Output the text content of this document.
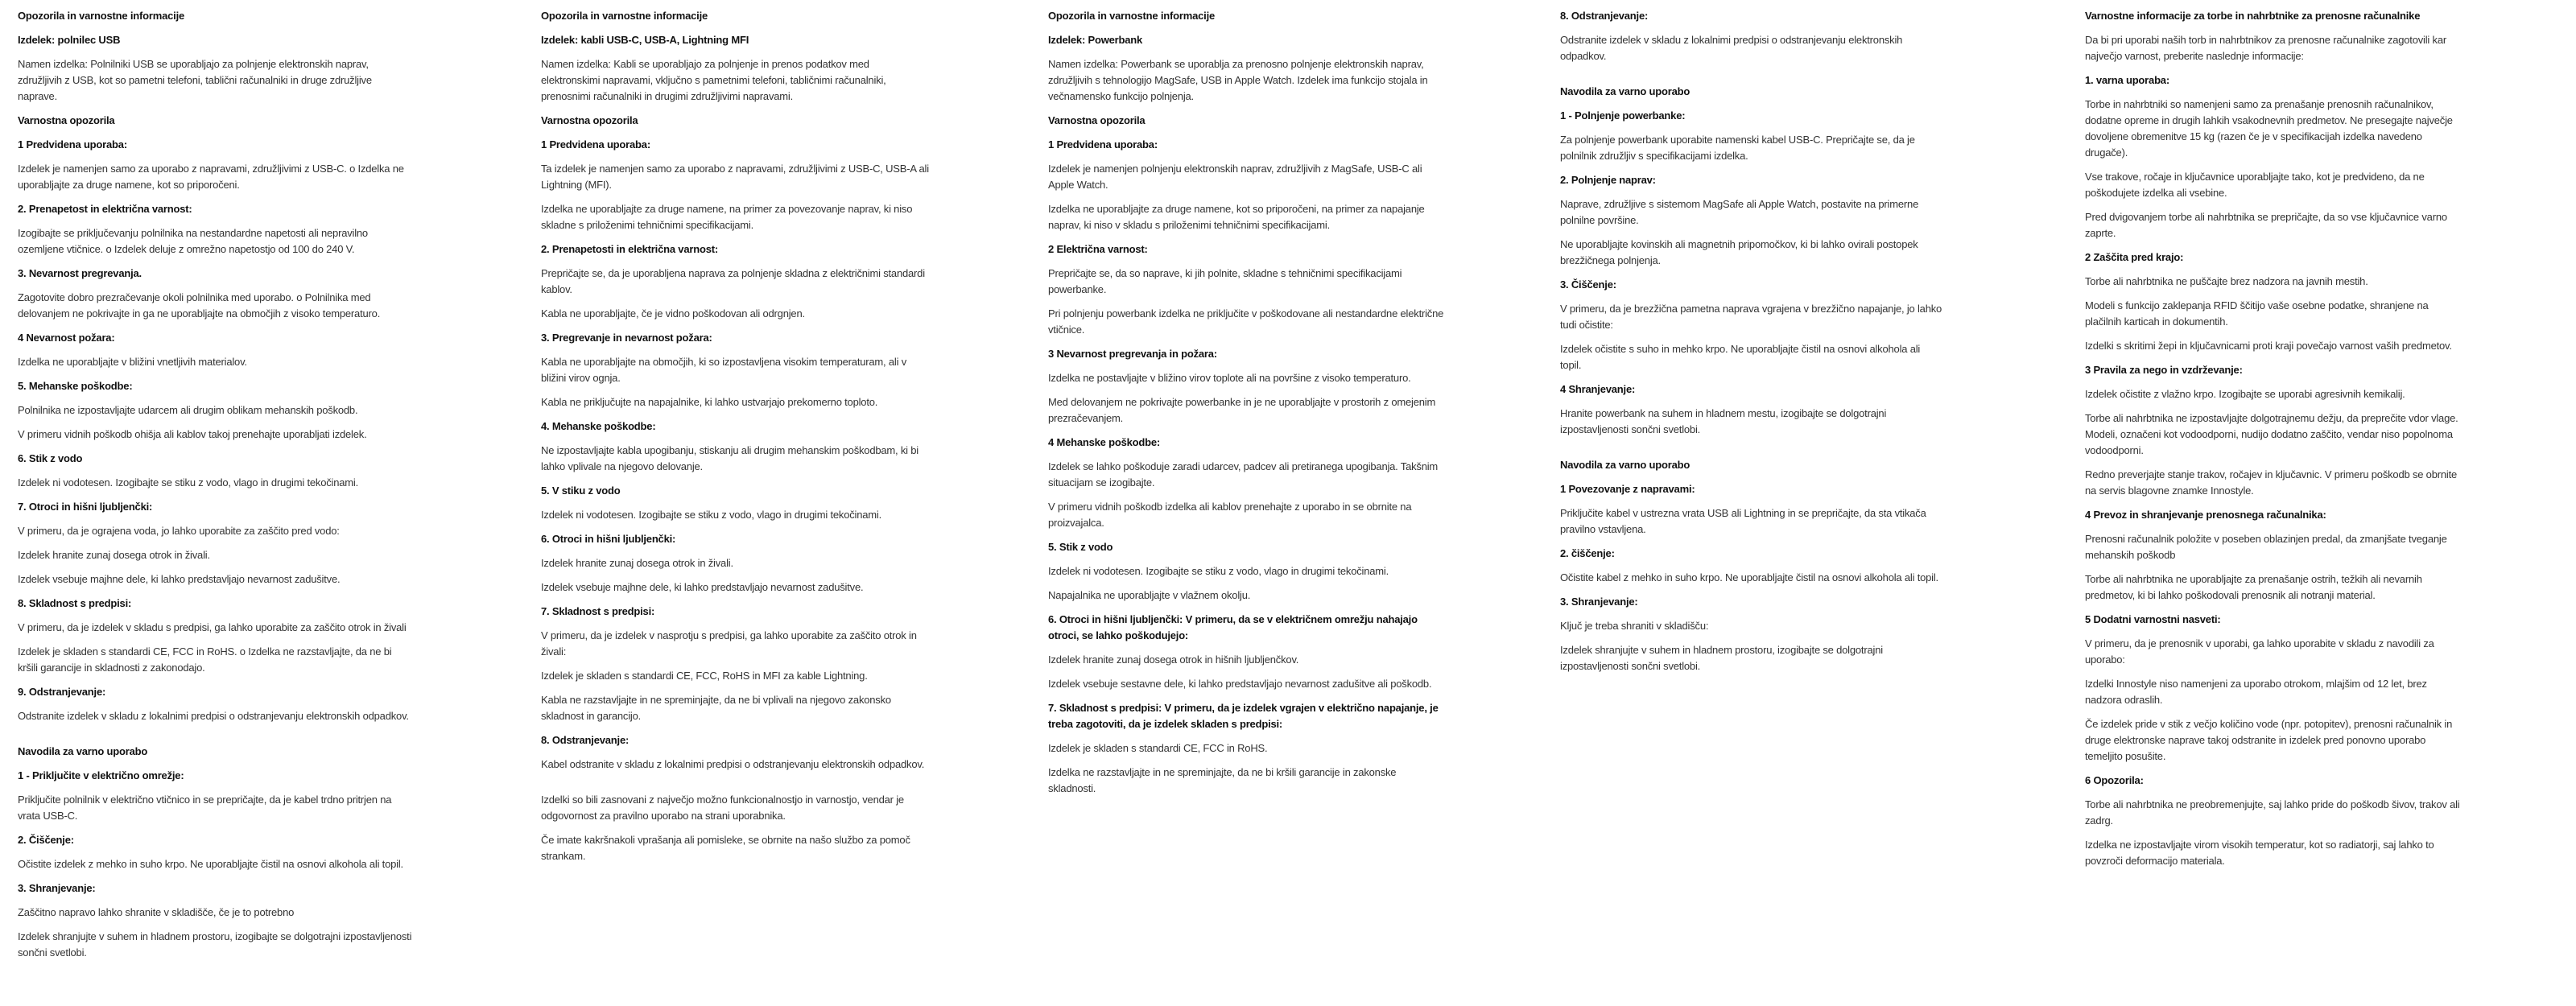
Opozorila in varnostne informacije
Izdelek: polnilec USB

Namen izdelka: Polnilniki USB se uporabljajo za polnjenje elektronskih naprav, združljivih z USB, kot so pametni telefoni, tablični računalniki in druge združljive naprave.

Varnostna opozorila
1 Predvidena uporaba:

Izdelek je namenjen samo za uporabo z napravami, združljivimi z USB-C. o Izdelka ne uporabljajte za druge namene, kot so priporočeni.

2. Prenapetost in električna varnost:

Izogibajte se priključevanju polnilnika na nestandardne napetosti ali nepravilno ozemljene vtičnice. o Izdelek deluje z omrežno napetostjo od 100 do 240 V.

3. Nevarnost pregrevanja.

Zagotovite dobro prezračevanje okoli polnilnika med uporabo. o Polnilnika med delovanjem ne pokrivajte in ga ne uporabljajte na območjih z visoko temperaturo.

4 Nevarnost požara:

Izdelka ne uporabljajte v bližini vnetljivih materialov.

5. Mehanske poškodbe:

Polnilnika ne izpostavljajte udarcem ali drugim oblikam mehanskih poškodb.

V primeru vidnih poškodb ohišja ali kablov takoj prenehajte uporabljati izdelek.

6. Stik z vodo

Izdelek ni vodotesen. Izogibajte se stiku z vodo, vlago in drugimi tekočinami.

7. Otroci in hišni ljubljenčki:

V primeru, da je ograjena voda, jo lahko uporabite za zaščito pred vodo:

Izdelek hranite zunaj dosega otrok in živali.

Izdelek vsebuje majhne dele, ki lahko predstavljajo nevarnost zadušitve.

8. Skladnost s predpisi:

V primeru, da je izdelek v skladu s predpisi, ga lahko uporabite za zaščito otrok in živali

Izdelek je skladen s standardi CE, FCC in RoHS. o Izdelka ne razstavljajte, da ne bi kršili garancije in skladnosti z zakonodajo.

9. Odstranjevanje:

Odstranite izdelek v skladu z lokalnimi predpisi o odstranjevanju elektronskih odpadkov.

Navodila za varno uporabo
1 - Priključite v električno omrežje:

Priključite polnilnik v električno vtičnico in se prepričajte, da je kabel trdno pritrjen na vrata USB-C.

2. Čiščenje:

Očistite izdelek z mehko in suho krpo. Ne uporabljajte čistil na osnovi alkohola ali topil.

3. Shranjevanje:

Zaščitno napravo lahko shranite v skladišče, če je to potrebno

Izdelek shranjujte v suhem in hladnem prostoru, izogibajte se dolgotrajni izpostavljenosti sončni svetlobi.

Opozorila in varnostne informacije
Izdelek: kabli USB-C, USB-A, Lightning MFI

Namen izdelka: Kabli se uporabljajo za polnjenje in prenos podatkov med elektronskimi napravami, vključno s pametnimi telefoni, tabličnimi računalniki, prenosnimi računalniki in drugimi združljivimi napravami.

Varnostna opozorila
1 Predvidena uporaba:

Ta izdelek je namenjen samo za uporabo z napravami, združljivimi z USB-C, USB-A ali Lightning (MFI).

Izdelka ne uporabljajte za druge namene, na primer za povezovanje naprav, ki niso skladne s priloženimi tehničnimi specifikacijami.

2. Prenapetosti in električna varnost:

Prepričajte se, da je uporabljena naprava za polnjenje skladna z električnimi standardi kablov.

Kabla ne uporabljajte, če je vidno poškodovan ali odrgnjen.

3. Pregrevanje in nevarnost požara:

Kabla ne uporabljajte na območjih, ki so izpostavljena visokim temperaturam, ali v bližini virov ognja.

Kabla ne priključujte na napajalnike, ki lahko ustvarjajo prekomerno toploto.

4. Mehanske poškodbe:

Ne izpostavljajte kabla upogibanju, stiskanju ali drugim mehanskim poškodbam, ki bi lahko vplivale na njegovo delovanje.

5. V stiku z vodo

Izdelek ni vodotesen. Izogibajte se stiku z vodo, vlago in drugimi tekočinami.

6. Otroci in hišni ljubljenčki:

Izdelek hranite zunaj dosega otrok in živali.

Izdelek vsebuje majhne dele, ki lahko predstavljajo nevarnost zadušitve.

7. Skladnost s predpisi:

V primeru, da je izdelek v nasprotju s predpisi, ga lahko uporabite za zaščito otrok in živali:

Izdelek je skladen s standardi CE, FCC, RoHS in MFI za kable Lightning.

Kabla ne razstavljajte in ne spreminjajte, da ne bi vplivali na njegovo zakonsko skladnost in garancijo.

8. Odstranjevanje:

Kabel odstranite v skladu z lokalnimi predpisi o odstranjevanju elektronskih odpadkov.

Izdelki so bili zasnovani z največjo možno funkcionalnostjo in varnostjo, vendar je odgovornost za pravilno uporabo na strani uporabnika.

Če imate kakršnakoli vprašanja ali pomisleke, se obrnite na našo službo za pomoč strankam.

Opozorila in varnostne informacije
Izdelek: Powerbank

Namen izdelka: Powerbank se uporablja za prenosno polnjenje elektronskih naprav, združljivih s tehnologijo MagSafe, USB in Apple Watch. Izdelek ima funkcijo stojala in večnamensko funkcijo polnjenja.

Varnostna opozorila
1 Predvidena uporaba:

Izdelek je namenjen polnjenju elektronskih naprav, združljivih z MagSafe, USB-C ali Apple Watch.

Izdelka ne uporabljajte za druge namene, kot so priporočeni, na primer za napajanje naprav, ki niso v skladu s priloženimi tehničnimi specifikacijami.

2 Električna varnost:

Prepričajte se, da so naprave, ki jih polnite, skladne s tehničnimi specifikacijami powerbanke.

Pri polnjenju powerbank izdelka ne priključite v poškodovane ali nestandardne električne vtičnice.

3 Nevarnost pregrevanja in požara:

Izdelka ne postavljajte v bližino virov toplote ali na površine z visoko temperaturo.

Med delovanjem ne pokrivajte powerbanke in je ne uporabljajte v prostorih z omejenim prezračevanjem.

4 Mehanske poškodbe:

Izdelek se lahko poškoduje zaradi udarcev, padcev ali pretiranega upogibanja. Takšnim situacijam se izogibajte.

V primeru vidnih poškodb izdelka ali kablov prenehajte z uporabo in se obrnite na proizvajalca.

5. Stik z vodo

Izdelek ni vodotesen. Izogibajte se stiku z vodo, vlago in drugimi tekočinami.

Napajalnika ne uporabljajte v vlažnem okolju.

6. Otroci in hišni ljubljenčki: V primeru, da se v električnem omrežju nahajajo otroci, se lahko poškodujejo:

Izdelek hranite zunaj dosega otrok in hišnih ljubljenčkov.

Izdelek vsebuje sestavne dele, ki lahko predstavljajo nevarnost zadušitve ali poškodb.

7. Skladnost s predpisi: V primeru, da je izdelek vgrajen v električno napajanje, je treba zagotoviti, da je izdelek skladen s predpisi:

Izdelek je skladen s standardi CE, FCC in RoHS.

Izdelka ne razstavljajte in ne spreminjajte, da ne bi kršili garancije in zakonske skladnosti.

8. Odstranjevanje:

Odstranite izdelek v skladu z lokalnimi predpisi o odstranjevanju elektronskih odpadkov.

Navodila za varno uporabo
1 - Polnjenje powerbanke:

Za polnjenje powerbank uporabite namenski kabel USB-C. Prepričajte se, da je polnilnik združljiv s specifikacijami izdelka.

2. Polnjenje naprav:

Naprave, združljive s sistemom MagSafe ali Apple Watch, postavite na primerne polnilne površine.

Ne uporabljajte kovinskih ali magnetnih pripomočkov, ki bi lahko ovirali postopek brezžičnega polnjenja.

3. Čiščenje:

V primeru, da je brezžična pametna naprava vgrajena v brezžično napajanje, jo lahko tudi očistite:

Izdelek očistite s suho in mehko krpo. Ne uporabljajte čistil na osnovi alkohola ali topil.

4 Shranjevanje:

Hranite powerbank na suhem in hladnem mestu, izogibajte se dolgotrajni izpostavljenosti sončni svetlobi.

Navodila za varno uporabo
1 Povezovanje z napravami:

Priključite kabel v ustrezna vrata USB ali Lightning in se prepričajte, da sta vtikača pravilno vstavljena.

2. čiščenje:

Očistite kabel z mehko in suho krpo. Ne uporabljajte čistil na osnovi alkohola ali topil.

3. Shranjevanje:

Ključ je treba shraniti v skladišču:

Izdelek shranjujte v suhem in hladnem prostoru, izogibajte se dolgotrajni izpostavljenosti sončni svetlobi.

Varnostne informacije za torbe in nahrbtnike za prenosne računalnike

Da bi pri uporabi naših torb in nahrbtnikov za prenosne računalnike zagotovili kar največjo varnost, preberite naslednje informacije:

1. varna uporaba:

Torbe in nahrbtniki so namenjeni samo za prenašanje prenosnih računalnikov, dodatne opreme in drugih lahkih vsakodnevnih predmetov. Ne presegajte največje dovoljene obremenitve 15 kg (razen če je v specifikacijah izdelka navedeno drugače).

Vse trakove, ročaje in ključavnice uporabljajte tako, kot je predvideno, da ne poškodujete izdelka ali vsebine.

Pred dvigovanjem torbe ali nahrbtnika se prepričajte, da so vse ključavnice varno zaprte.

2 Zaščita pred krajo:

Torbe ali nahrbtnika ne puščajte brez nadzora na javnih mestih.

Modeli s funkcijo zaklepanja RFID ščitijo vaše osebne podatke, shranjene na plačilnih karticah in dokumentih.

Izdelki s skritimi žepi in ključavnicami proti kraji povečajo varnost vaših predmetov.

3 Pravila za nego in vzdrževanje:

Izdelek očistite z vlažno krpo. Izogibajte se uporabi agresivnih kemikalij.

Torbe ali nahrbtnika ne izpostavljajte dolgotrajnemu dežju, da preprečite vdor vlage. Modeli, označeni kot vodoodporni, nudijo dodatno zaščito, vendar niso popolnoma vodoodporni.

Redno preverjajte stanje trakov, ročajev in ključavnic. V primeru poškodb se obrnite na servis blagovne znamke Innostyle.

4 Prevoz in shranjevanje prenosnega računalnika:

Prenosni računalnik položite v poseben oblazinjen predal, da zmanjšate tveganje mehanskih poškodb

Torbe ali nahrbtnika ne uporabljajte za prenašanje ostrih, težkih ali nevarnih predmetov, ki bi lahko poškodovali prenosnik ali notranji material.

5 Dodatni varnostni nasveti:

V primeru, da je prenosnik v uporabi, ga lahko uporabite v skladu z navodili za uporabo:

Izdelki Innostyle niso namenjeni za uporabo otrokom, mlajšim od 12 let, brez nadzora odraslih.

Če izdelek pride v stik z večjo količino vode (npr. potopitev), prenosni računalnik in druge elektronske naprave takoj odstranite in izdelek pred ponovno uporabo temeljito posušite.

6 Opozorila:

Torbe ali nahrbtnika ne preobremenjujte, saj lahko pride do poškodb šivov, trakov ali zadrg.

Izdelka ne izpostavljajte virom visokih temperatur, kot so radiatorji, saj lahko to povzroči deformacijo materiala.
